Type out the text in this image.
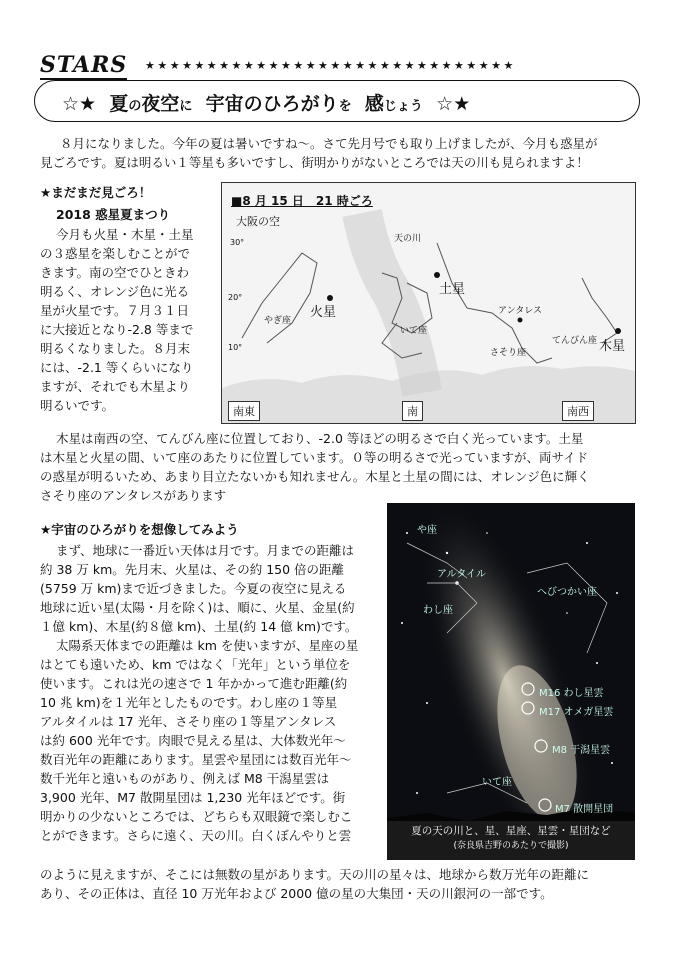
STARS ★★★★★★★★★★★★★★★★★★★★★★★★★★★★★★
☆★ 夏の夜空に 宇宙のひろがりを 感じょう ☆★
８月になりました。今年の夏は暑いですね～。さて先月号でも取り上げましたが、今月も惑星が
見ごろです。夏は明るい１等星も多いですし、街明かりがないところでは天の川も見られますよ！
★まだまだ見ごろ！
2018 惑星夏まつり
今月も火星・木星・土星
の３惑星を楽しむことがで
きます。南の空でひときわ
明るく、オレンジ色に光る
星が火星です。７月３１日
に大接近となり-2.8 等まで
明るくなりました。８月末
には、-2.1 等くらいになり
ますが、それでも木星より
明るいです。
木星は南西の空、てんびん座に位置しており、-2.0 等ほどの明るさで白く光っています。土星
は木星と火星の間、いて座のあたりに位置しています。０等の明るさで光っていますが、両サイド
の惑星が明るいため、あまり目立たないかも知れません。木星と土星の間には、オレンジ色に輝く
さそり座のアンタレスがあります
■8 月 15 日　21 時ごろ
大阪の空
30°
20°
10°
天の川
火星
土星
木星
アンタレス
いて座
さそり座
てんびん座
やぎ座
南東	南	南西
★宇宙のひろがりを想像してみよう
まず、地球に一番近い天体は月です。月までの距離は
約 38 万 km。先月末、火星は、その約 150 倍の距離
(5759 万 km)まで近づきました。今夏の夜空に見える
地球に近い星(太陽・月を除く)は、順に、火星、金星(約
１億 km)、木星(約８億 km)、土星(約 14 億 km)です。
太陽系天体までの距離は km を使いますが、星座の星
はとても遠いため、km ではなく「光年」という単位を
使います。これは光の速さで 1 年かかって進む距離(約
10 兆 km)を１光年としたものです。わし座の１等星
アルタイルは 17 光年、さそり座の１等星アンタレス
は約 600 光年です。肉眼で見える星は、大体数光年～
数百光年の距離にあります。星雲や星団には数百光年～
数千光年と遠いものがあり、例えば M8 干潟星雲は
3,900 光年、M7 散開星団は 1,230 光年ほどです。街
明かりの少ないところでは、どちらも双眼鏡で楽しむこ
とができます。さらに遠く、天の川。白くぼんやりと雲
のように見えますが、そこには無数の星があります。天の川の星々は、地球から数万光年の距離に
あり、その正体は、直径 10 万光年および 2000 億の星の大集団・天の川銀河の一部です。
や座
アルタイル
わし座
へびつかい座
M16 わし星雲
M17 オメガ星雲
M8 干潟星雲
いて座
M7 散開星団
夏の天の川と、星、星座、星雲・星団など
(奈良県吉野のあたりで撮影)
